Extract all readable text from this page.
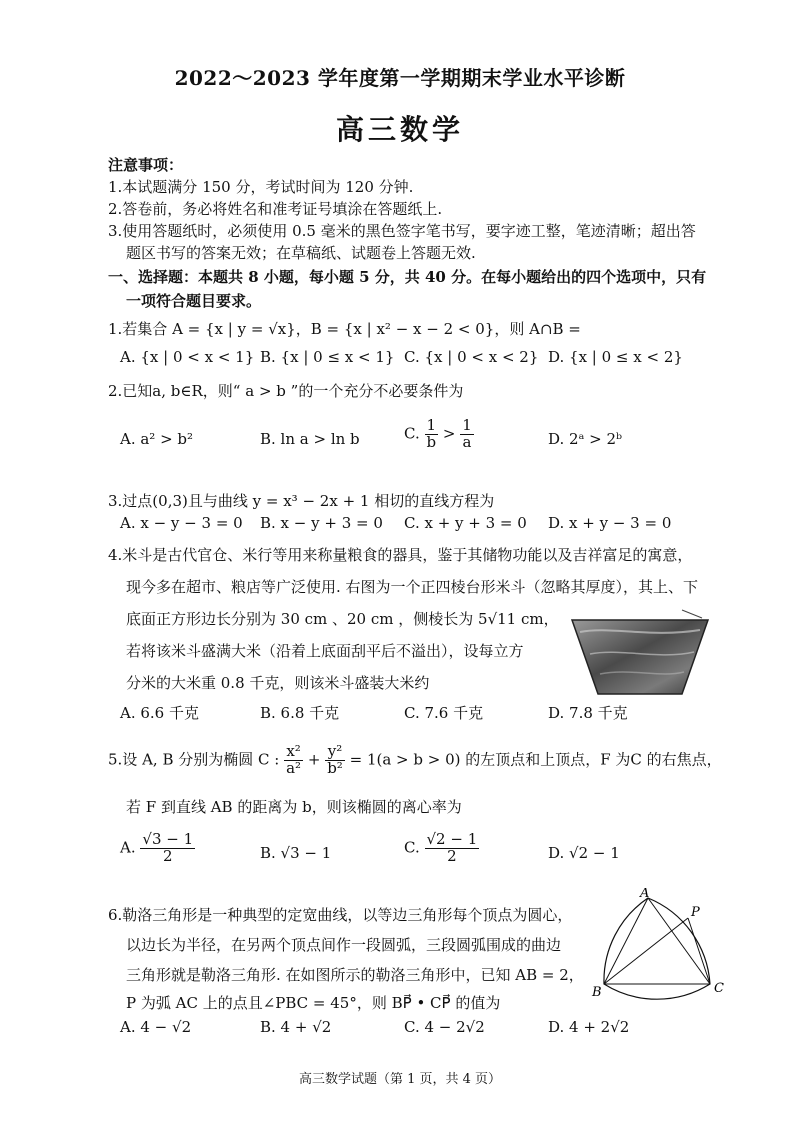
2022～2023 学年度第一学期期末学业水平诊断
高三数学
注意事项：
1.本试题满分 150 分，考试时间为 120 分钟.
2.答卷前，务必将姓名和准考证号填涂在答题纸上.
3.使用答题纸时，必须使用 0.5 毫米的黑色签字笔书写，要字迹工整，笔迹清晰；超出答
题区书写的答案无效；在草稿纸、试题卷上答题无效.
一、选择题：本题共 8 小题，每小题 5 分，共 40 分。在每小题给出的四个选项中，只有
一项符合题目要求。
1.若集合 A = {x | y = √x}，B = {x | x² − x − 2 < 0}，则 A∩B =
A. {x | 0 < x < 1} B. {x | 0 ≤ x < 1} C. {x | 0 < x < 2} D. {x | 0 ≤ x < 2}
2.已知a, b∈R，则“ a > b ”的一个充分不必要条件为
A. a² > b²	B. ln a > ln b	C. $\frac{1}{b} > \frac{1}{a}$	D. 2ᵃ > 2ᵇ
3.过点(0,3)且与曲线 y = x³ − 2x + 1 相切的直线方程为
A. x − y − 3 = 0 B. x − y + 3 = 0 C. x + y + 3 = 0 D. x + y − 3 = 0
4.米斗是古代官仓、米行等用来称量粮食的器具，鉴于其储物功能以及吉祥富足的寓意，
现今多在超市、粮店等广泛使用. 右图为一个正四棱台形米斗（忽略其厚度），其上、下
底面正方形边长分别为 30 cm 、20 cm ，侧棱长为 5√11 cm，
若将该米斗盛满大米（沿着上底面刮平后不溢出），设每立方
分米的大米重 0.8 千克，则该米斗盛装大米约
A. 6.6 千克	B. 6.8 千克	C. 7.6 千克	D. 7.8 千克
5.设 A, B 分别为椭圆 C : $\frac{\text{x²}}{\text{a²}} + \frac{\text{y²}}{\text{b²}} = 1(a > b > 0)$ 的左顶点和上顶点，F 为C 的右焦点，
若 F 到直线 AB 的距离为 b，则该椭圆的离心率为
A. $\frac{√3 - 1}{2}$	B. √3 − 1	C. $\frac{√2 - 1}{2}$	D. √2 − 1
6.勒洛三角形是一种典型的定宽曲线，以等边三角形每个顶点为圆心，
以边长为半径，在另两个顶点间作一段圆弧，三段圆弧围成的曲边
三角形就是勒洛三角形. 在如图所示的勒洛三角形中，已知 AB = 2，
P 为弧 AC 上的点且∠PBC = 45°，则 BP⃗ • CP⃗ 的值为
A
P
B	C
A. 4 − √2	B. 4 + √2	C. 4 − 2√2	D. 4 + 2√2
高三数学试题（第 1 页，共 4 页）
